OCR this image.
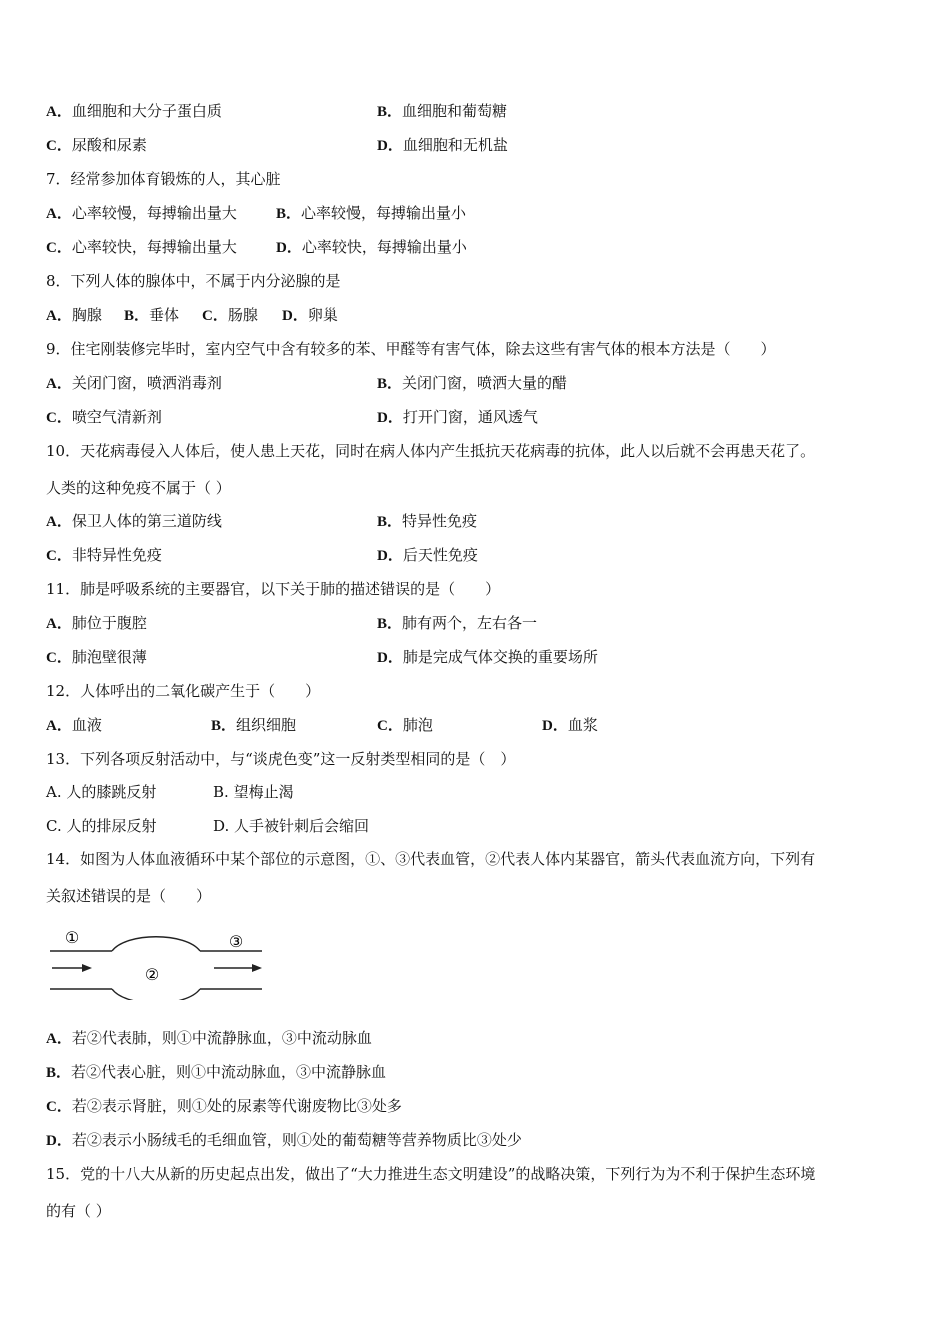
A．血细胞和大分子蛋白质	B．血细胞和葡萄糖
C．尿酸和尿素	D．血细胞和无机盐
7．经常参加体育锻炼的人，其心脏
A．心率较慢，每搏输出量大	B．心率较慢，每搏输出量小
C．心率较快，每搏输出量大	D．心率较快，每搏输出量小
8．下列人体的腺体中，不属于内分泌腺的是
A．胸腺 B．垂体 C．肠腺 D．卵巢
9．住宅刚装修完毕时，室内空气中含有较多的苯、甲醛等有害气体，除去这些有害气体的根本方法是（　　）
A．关闭门窗，喷洒消毒剂	B．关闭门窗，喷洒大量的醋
C．喷空气清新剂	D．打开门窗，通风透气
10．天花病毒侵入人体后，使人患上天花，同时在病人体内产生抵抗天花病毒的抗体，此人以后就不会再患天花了。
人类的这种免疫不属于（ ）
A．保卫人体的第三道防线	B．特异性免疫
C．非特异性免疫	D．后天性免疫
11．肺是呼吸系统的主要器官，以下关于肺的描述错误的是（　　）
A．肺位于腹腔	B．肺有两个，左右各一
C．肺泡壁很薄	D．肺是完成气体交换的重要场所
12．人体呼出的二氧化碳产生于（　　）
A．血液	B．组织细胞	C．肺泡	D．血浆
13．下列各项反射活动中，与“谈虎色变”这一反射类型相同的是（　）
A. 人的膝跳反射	B. 望梅止渴
C. 人的排尿反射	D. 人手被针刺后会缩回
14．如图为人体血液循环中某个部位的示意图，①、③代表血管，②代表人体内某器官，箭头代表血流方向，下列有
关叙述错误的是（　　）
①
②
③
A．若②代表肺，则①中流静脉血，③中流动脉血
B．若②代表心脏，则①中流动脉血，③中流静脉血
C．若②表示肾脏，则①处的尿素等代谢废物比③处多
D．若②表示小肠绒毛的毛细血管，则①处的葡萄糖等营养物质比③处少
15．党的十八大从新的历史起点出发，做出了“大力推进生态文明建设”的战略决策，下列行为为不利于保护生态环境
的有（ ）
